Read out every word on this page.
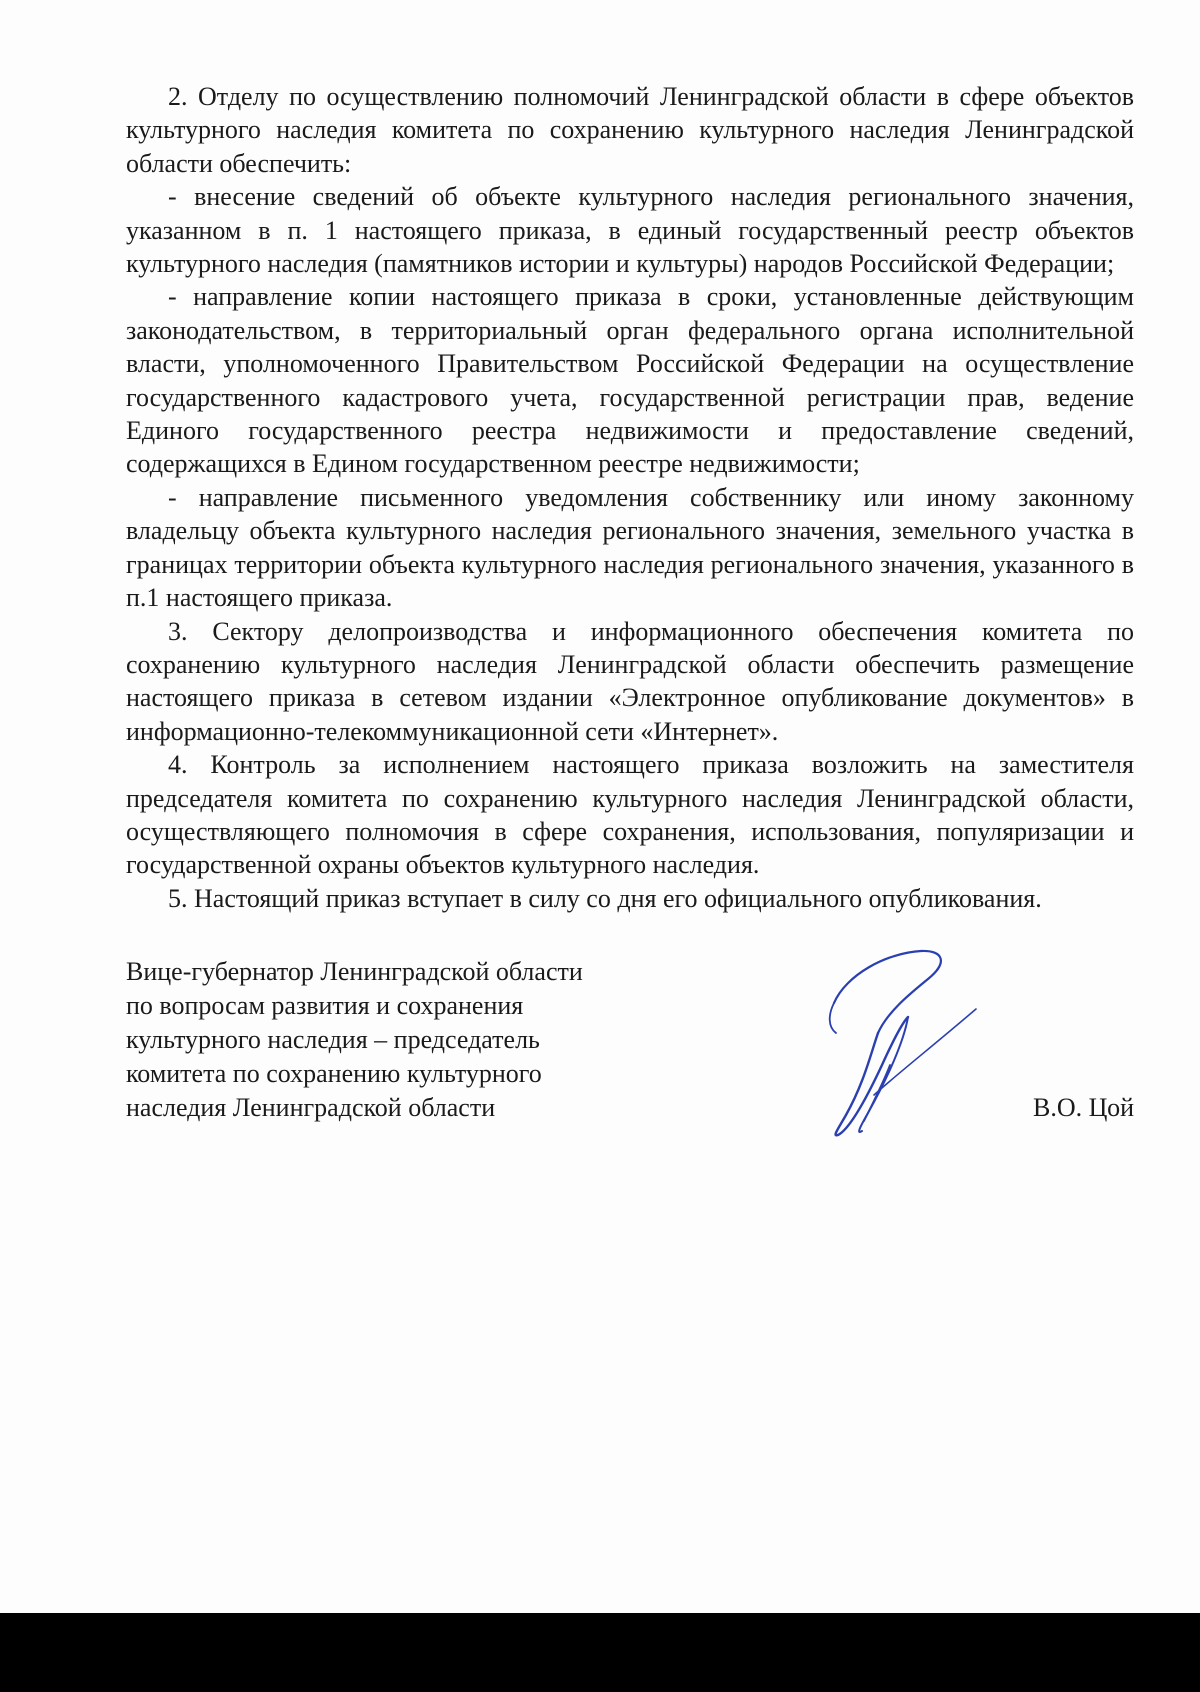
2. Отделу по осуществлению полномочий Ленинградской области в сфере объектов культурного наследия комитета по сохранению культурного наследия Ленинградской области обеспечить:

- внесение сведений об объекте культурного наследия регионального значения, указанном в п. 1 настоящего приказа, в единый государственный реестр объектов культурного наследия (памятников истории и культуры) народов Российской Федерации;

- направление копии настоящего приказа в сроки, установленные действующим законодательством, в территориальный орган федерального органа исполнительной власти, уполномоченного Правительством Российской Федерации на осуществление государственного кадастрового учета, государственной регистрации прав, ведение Единого государственного реестра недвижимости и предоставление сведений, содержащихся в Едином государственном реестре недвижимости;

- направление письменного уведомления собственнику или иному законному владельцу объекта культурного наследия регионального значения, земельного участка в границах территории объекта культурного наследия регионального значения, указанного в п.1 настоящего приказа.

3. Сектору делопроизводства и информационного обеспечения комитета по сохранению культурного наследия Ленинградской области обеспечить размещение настоящего приказа в сетевом издании «Электронное опубликование документов» в информационно-телекоммуникационной сети «Интернет».

4. Контроль за исполнением настоящего приказа возложить на заместителя председателя комитета по сохранению культурного наследия Ленинградской области, осуществляющего полномочия в сфере сохранения, использования, популяризации и государственной охраны объектов культурного наследия.

5. Настоящий приказ вступает в силу со дня его официального опубликования.

Вице-губернатор Ленинградской области
по вопросам развития и сохранения
культурного наследия – председатель
комитета по сохранению культурного
наследия Ленинградской области	В.О. Цой
